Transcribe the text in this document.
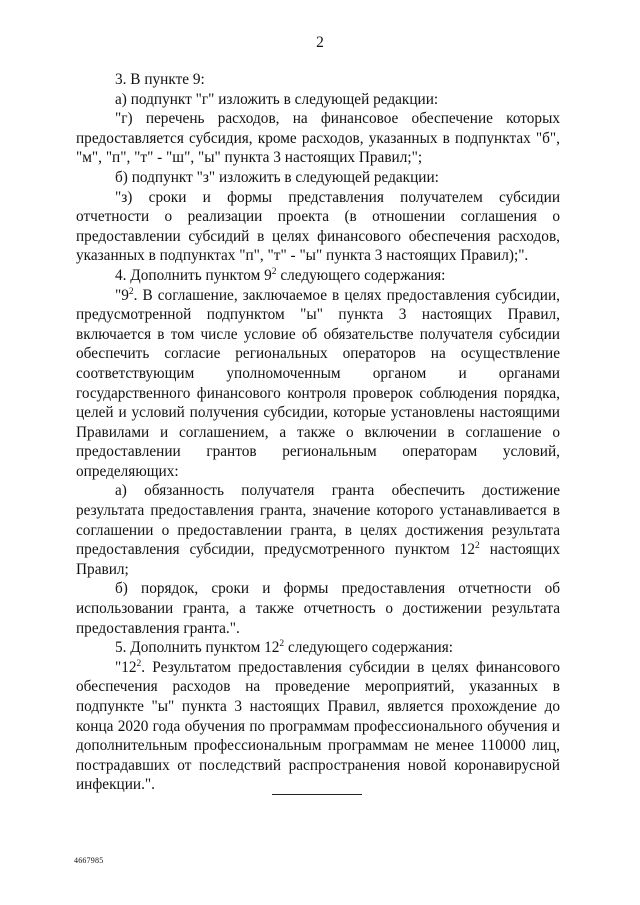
2

3. В пункте 9:

а) подпункт "г" изложить в следующей редакции:

"г) перечень расходов, на финансовое обеспечение которых предоставляется субсидия, кроме расходов, указанных в подпунктах "б", "м", "п", "т" - "ш", "ы" пункта 3 настоящих Правил;";

б) подпункт "з" изложить в следующей редакции:

"з) сроки и формы представления получателем субсидии отчетности о реализации проекта (в отношении соглашения о предоставлении субсидий в целях финансового обеспечения расходов, указанных в подпунктах "п", "т" - "ы" пункта 3 настоящих Правил);".

4. Дополнить пунктом $9^2$ следующего содержания:

"$9^2$. В соглашение, заключаемое в целях предоставления субсидии, предусмотренной подпунктом "ы" пункта 3 настоящих Правил, включается в том числе условие об обязательстве получателя субсидии обеспечить согласие региональных операторов на осуществление соответствующим уполномоченным органом и органами государственного финансового контроля проверок соблюдения порядка, целей и условий получения субсидии, которые установлены настоящими Правилами и соглашением, а также о включении в соглашение о предоставлении грантов региональным операторам условий, определяющих:

а) обязанность получателя гранта обеспечить достижение результата предоставления гранта, значение которого устанавливается в соглашении о предоставлении гранта, в целях достижения результата предоставления субсидии, предусмотренного пунктом $12^2$ настоящих Правил;

б) порядок, сроки и формы предоставления отчетности об использовании гранта, а также отчетность о достижении результата предоставления гранта.".

5. Дополнить пунктом $12^2$ следующего содержания:

"$12^2$. Результатом предоставления субсидии в целях финансового обеспечения расходов на проведение мероприятий, указанных в подпункте "ы" пункта 3 настоящих Правил, является прохождение до конца 2020 года обучения по программам профессионального обучения и дополнительным профессиональным программам не менее 110000 лиц, пострадавших от последствий распространения новой коронавирусной инфекции.".

4667985
